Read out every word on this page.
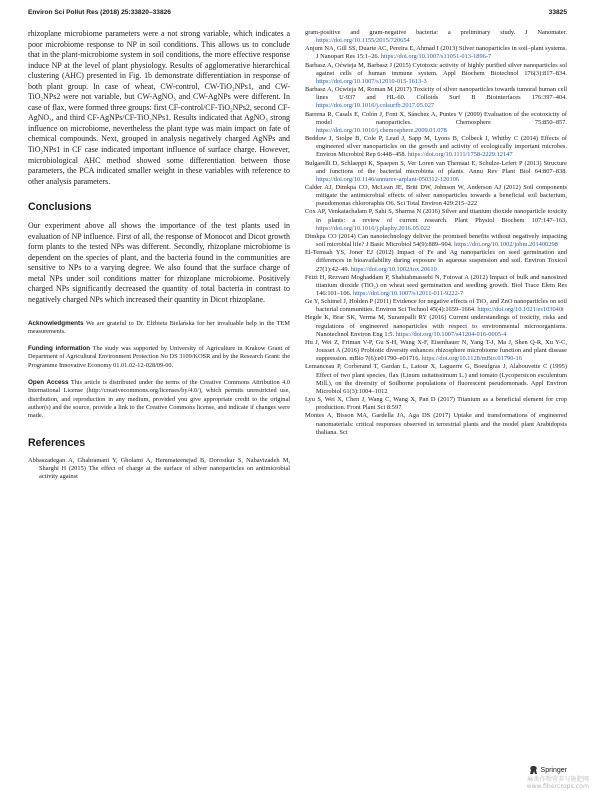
Environ Sci Pollut Res (2018) 25:33820–33826	33825

rhizoplane microbiome parameters were a not strong variable, which indicates a poor microbiome response to NP in soil conditions. This allows us to conclude that in the plant-microbiome system in soil conditions, the more effective response induce NP at the level of plant physiology. Results of agglomerative hierarchical clustering (AHC) presented in Fig. 1b demonstrate differentiation in response of both plant group. In case of wheat, CW-control, CW-TiO₂NPs1, and CW-TiO₂NPs2 were not variable, but CW-AgNO₃ and CW-AgNPs were different. In case of flax, were formed three groups: first CF-control/CF-TiO₂NPs2, second CF-AgNO₃, and third CF-AgNPs/CF-TiO₂NPs1. Results indicated that AgNO₃ strong influence on microbiome, nevertheless the plant type was main impact on fate of chemical compounds. Next, grouped in analysis negatively charged AgNPs and TiO₂NPs1 in CF case indicated important influence of surface charge. However, microbiological AHC method showed some differentiation between those parameters, the PCA indicated smaller weight in these variables with reference to other analysis parameters.

Conclusions

Our experiment above all shows the importance of the test plants used in evaluation of NP influence. First of all, the response of Monocot and Dicot growth form plants to the tested NPs was different. Secondly, rhizoplane microbiome is dependent on the species of plant, and the bacteria found in the communities are sensitive to NPs to a varying degree. We also found that the surface charge of metal NPs under soil conditions matter for rhizoplane microbiome. Positively charged NPs significantly decreased the quantity of total bacteria in contrast to negatively charged NPs which increased their quantity in Dicot rhizoplane.

Acknowledgments We are grateful to Dr. Elżbieta Bielańska for her invaluable help in the TEM measurements.

Funding information The study was supported by University of Agriculture in Krakow Grant of Department of Agricultural Environment Protection No DS 3109/KOSR and by the Research Grant: the Programme Innovative Economy 01.01.02-12-028/09-00.

Open Access This article is distributed under the terms of the Creative Commons Attribution 4.0 International License (http://creativecommons.org/licenses/by/4.0/), which permits unrestricted use, distribution, and reproduction in any medium, provided you give appropriate credit to the original author(s) and the source, provide a link to the Creative Commons license, and indicate if changes were made.

References

Abbaszadegan A, Ghahramani Y, Gholami A, Hemmateenejad B, Dorostkar S, Nabavizadeh M, Sharghi H (2015) The effect of charge at the surface of silver nanoparticles on antimicrobial activity against

gram-positive and gram-negative bacteria: a preliminary study. J Nanomater. https://doi.org/10.1155/2015/720654

Anjum NA, Gill SS, Duarte AC, Pereira E, Ahmad I (2013) Silver nanoparticles in soil–plant systems. J Nanopart Res 15:1–26. https://doi.org/10.1007/s11051-013-1896-7

Barbasz A, Oćwieja M, Barbasz J (2015) Cytotoxic activity of highly purified silver nanoparticles sol against cells of human immune system. Appl Biochem Biotechnol 176(3):817–834. https://doi.org/10.1007/s12010-015-1613-3

Barbasz A, Oćwieja M, Roman M (2017) Toxicity of silver nanoparticles towards tumoral human cell lines U-937 and HL-60. Colloids Surf B Biointerfaces 176:397–404. https://doi.org/10.1016/j.colsurfb.2017.05.027

Barrena R, Casals E, Colón J, Font X, Sánchez A, Puntes V (2009) Evaluation of the ecotoxicity of model nanoparticles. Chemosphere 75:850–857. https://doi.org/10.1016/j.chemosphere.2009.01.078

Beddow J, Stolpe B, Cole P, Lead J, Sapp M, Lyons B, Colbeck I, Whitby C (2014) Effects of engineered silver nanoparticles on the growth and activity of ecologically important microbes. Environ Microbiol Rep 6:448–458. https://doi.org/10.1111/1758-2229.12147

Bulgarelli D, Schlaeppi K, Spaepen S, Ver Loren van Themaat E, Schulze-Lefert P (2013) Structure and functions of the bacterial microbiota of plants. Annu Rev Plant Biol 64:807–838. https://doi.org/10.1146/annurev-arplant-050312-120106

Calder AJ, Dimkpa CO, McLean JE, Britt DW, Johnson W, Anderson AJ (2012) Soil components mitigate the antimicrobial effects of silver nanoparticles towards a beneficial soil bacterium, pseudomonas chlororaphis O6. Sci Total Environ 429:215–222

Cox AP, Venkatachalam P, Sahi S, Sharma N (2016) Silver and titanium dioxide nanoparticle toxicity in plants: a review of current research. Plant Physiol Biochem 107:147–163. https://doi.org/10.1016/j.plaphy.2016.05.022

Dimkpa CO (2014) Can nanotechnology deliver the promised benefits without negatively impacting soil microbial life? J Basic Microbiol 54(9):889–904. https://doi.org/10.1002/jobm.201400298

El-Temsah YS, Joner EJ (2012) Impact of Fe and Ag nanoparticles on seed germination and differences in bioavailability during exposure in aqueous suspension and soil. Environ Toxicol 27(1):42–49. https://doi.org/10.1002/tox.20610

Feizi H, Rezvani Moghaddam P, Shahtahmassebi N, Fotovat A (2012) Impact of bulk and nanosized titanium dioxide (TiO₂) on wheat seed germination and seedling growth. Biol Trace Elem Res 146:101–106. https://doi.org/10.1007/s12011-011-9222-7

Ge Y, Schimel J, Holden P (2011) Evidence for negative effects of TiO₂ and ZnO nanoparticles on soil bacterial communities. Environ Sci Technol 45(4):1659–1664. https://doi.org/10.1021/es103040t

Hegde K, Brar SK, Verma M, Surampalli RY (2016) Current understandings of toxicity, risks and regulations of engineered nanoparticles with respect to environmental microorganisms. Nanotechnol Environ Eng 1:5. https://doi.org/10.1007/s41204-016-0005-4

Hu J, Wei Z, Friman V-P, Gu S-H, Wang X-F, Eisenhauer N, Yang T-J, Ma J, Shen Q-R, Xu Y-C, Jousset A (2016) Probiotic diversity enhances rhizosphere microbiome function and plant disease suppression. mBio 7(6):e01790–e01716. https://doi.org/10.1128/mBio.01790-16

Lemanceau P, Corberand T, Gardan L, Latour X, Laguerre G, Boeufgras J, Alabouvette C (1995) Effect of two plant species, flax (Linum usitatissimum L.) and tomato (Lycopersicon esculentum Mill.), on the diversity of Soilborne populations of fluorescent pseudomonads. Appl Environ Microbiol 61(3):1004–1012

Lyu S, Wei X, Chen J, Wang C, Wang X, Pan D (2017) Titanium as a beneficial element for crop production. Front Plant Sci 8:597

Montes A, Bisson MA, Gardella JA, Aga DS (2017) Uptake and transformations of engineered nanomaterials: critical responses observed in terrestrial plants and the model plant Arabidopsis thaliana. Sci

Springer
麻类作物营养与施肥网
www.fibercrops.com
